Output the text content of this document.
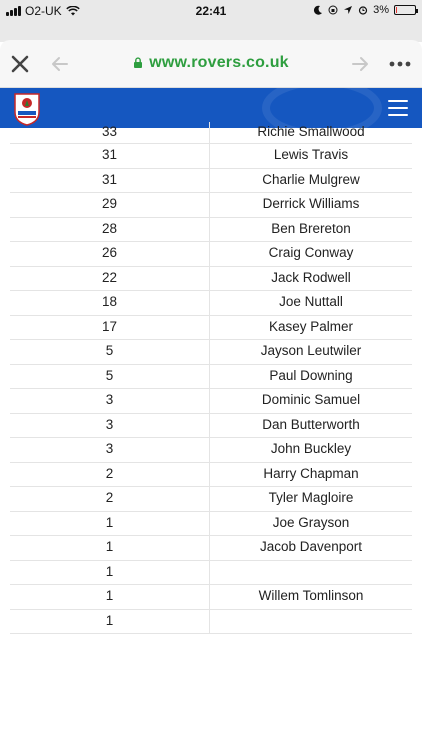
O2-UK	22:41	3%
www.rovers.co.uk
33	Richie Smallwood
31	Lewis Travis
31	Charlie Mulgrew
29	Derrick Williams
28	Ben Brereton
26	Craig Conway
22	Jack Rodwell
18	Joe Nuttall
17	Kasey Palmer
5	Jayson Leutwiler
5	Paul Downing
3	Dominic Samuel
3	Dan Butterworth
3	John Buckley
2	Harry Chapman
2	Tyler Magloire
1	Joe Grayson
1	Jacob Davenport
1
1	Willem Tomlinson
1
